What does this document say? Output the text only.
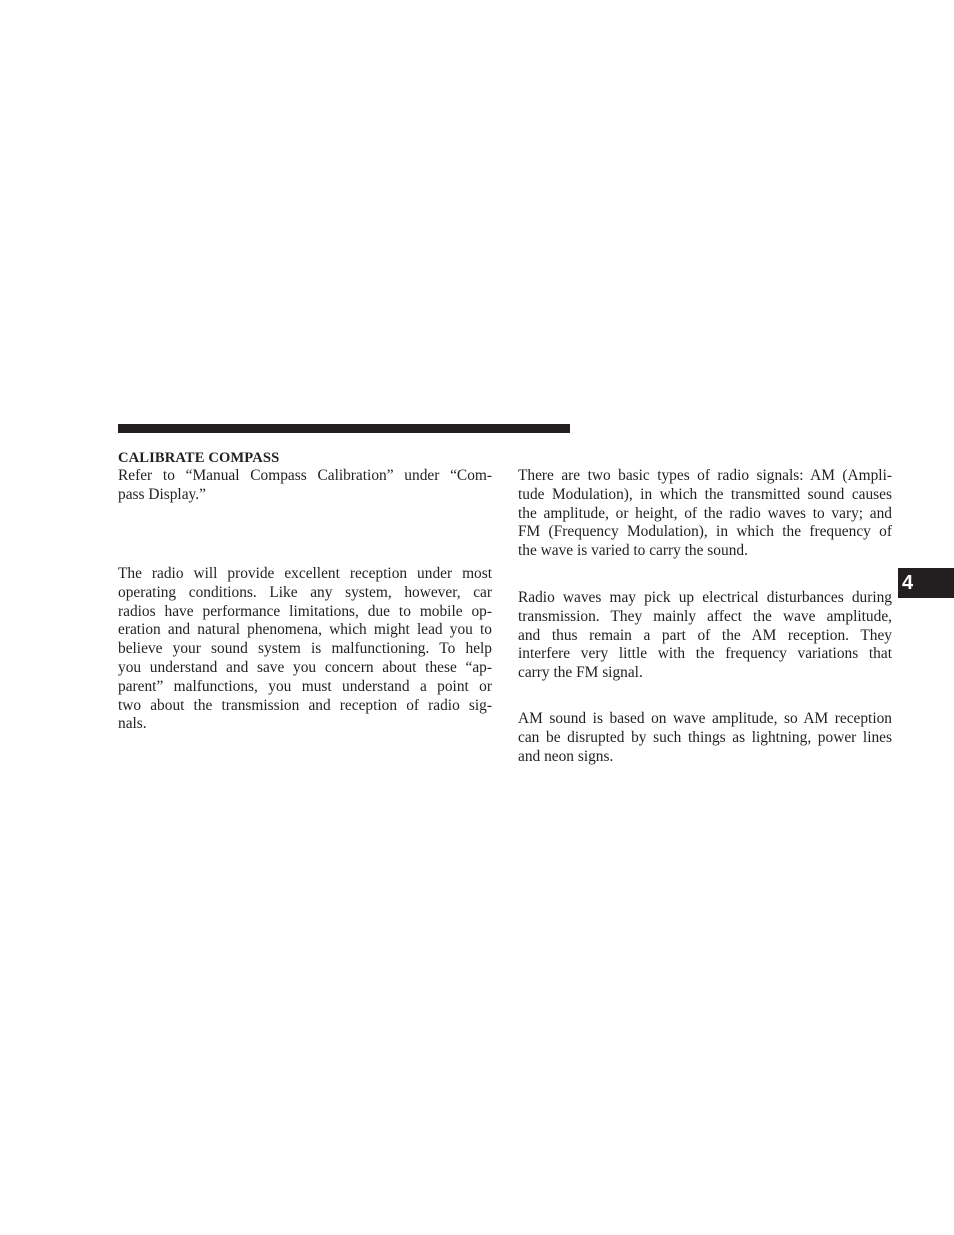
CALIBRATE COMPASS
Refer to “Manual Compass Calibration” under “Com-
pass Display.”
The radio will provide excellent reception under most
operating conditions. Like any system, however, car
radios have performance limitations, due to mobile op-
eration and natural phenomena, which might lead you to
believe your sound system is malfunctioning. To help
you understand and save you concern about these “ap-
parent” malfunctions, you must understand a point or
two about the transmission and reception of radio sig-
nals.
There are two basic types of radio signals: AM (Ampli-
tude Modulation), in which the transmitted sound causes
the amplitude, or height, of the radio waves to vary; and
FM (Frequency Modulation), in which the frequency of
the wave is varied to carry the sound.
Radio waves may pick up electrical disturbances during
transmission. They mainly affect the wave amplitude,
and thus remain a part of the AM reception. They
interfere very little with the frequency variations that
carry the FM signal.
AM sound is based on wave amplitude, so AM reception
can be disrupted by such things as lightning, power lines
and neon signs.
4
